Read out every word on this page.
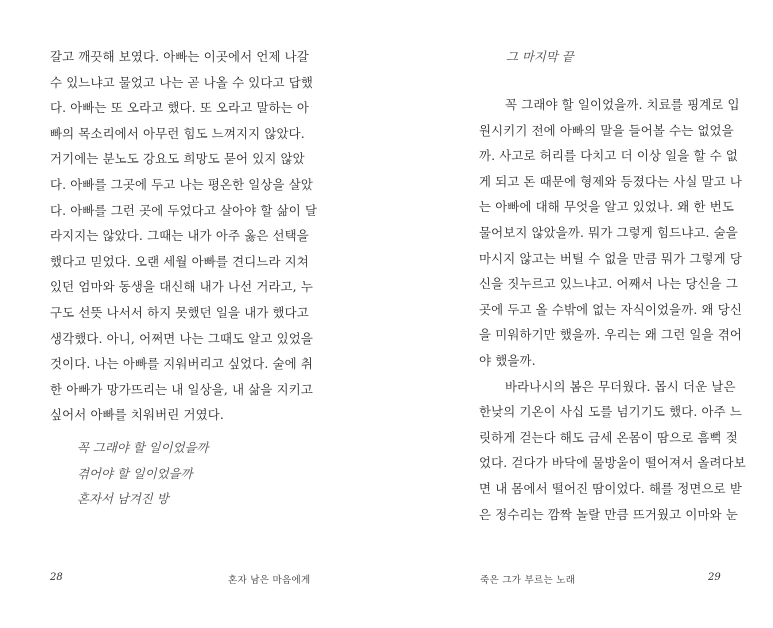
갈고 깨끗해 보였다. 아빠는 이곳에서 언제 나갈
수 있느냐고 물었고 나는 곧 나올 수 있다고 답했
다. 아빠는 또 오라고 했다. 또 오라고 말하는 아
빠의 목소리에서 아무런 힘도 느껴지지 않았다.
거기에는 분노도 강요도 희망도 묻어 있지 않았
다. 아빠를 그곳에 두고 나는 평온한 일상을 살았
다. 아빠를 그런 곳에 두었다고 살아야 할 삶이 달
라지지는 않았다. 그때는 내가 아주 옳은 선택을
했다고 믿었다. 오랜 세월 아빠를 견디느라 지쳐
있던 엄마와 동생을 대신해 내가 나선 거라고, 누
구도 선뜻 나서서 하지 못했던 일을 내가 했다고
생각했다. 아니, 어쩌면 나는 그때도 알고 있었을
것이다. 나는 아빠를 지워버리고 싶었다. 술에 취
한 아빠가 망가뜨리는 내 일상을, 내 삶을 지키고
싶어서 아빠를 치워버린 거였다.
꼭 그래야 할 일이었을까
겪어야 할 일이었을까
혼자서 남겨진 방
28	혼자 남은 마음에게
그 마지막 끝
꼭 그래야 할 일이었을까. 치료를 핑계로 입
원시키기 전에 아빠의 말을 들어볼 수는 없었을
까. 사고로 허리를 다치고 더 이상 일을 할 수 없
게 되고 돈 때문에 형제와 등졌다는 사실 말고 나
는 아빠에 대해 무엇을 알고 있었나. 왜 한 번도
물어보지 않았을까. 뭐가 그렇게 힘드냐고. 술을
마시지 않고는 버틸 수 없을 만큼 뭐가 그렇게 당
신을 짓누르고 있느냐고. 어째서 나는 당신을 그
곳에 두고 올 수밖에 없는 자식이었을까. 왜 당신
을 미워하기만 했을까. 우리는 왜 그런 일을 겪어
야 했을까.
바라나시의 봄은 무더웠다. 몹시 더운 날은
한낮의 기온이 사십 도를 넘기기도 했다. 아주 느
릿하게 걷는다 해도 금세 온몸이 땀으로 흠뻑 젖
었다. 걷다가 바닥에 물방울이 떨어져서 올려다보
면 내 몸에서 떨어진 땀이었다. 해를 정면으로 받
은 정수리는 깜짝 놀랄 만큼 뜨거웠고 이마와 눈
죽은 그가 부르는 노래	29
